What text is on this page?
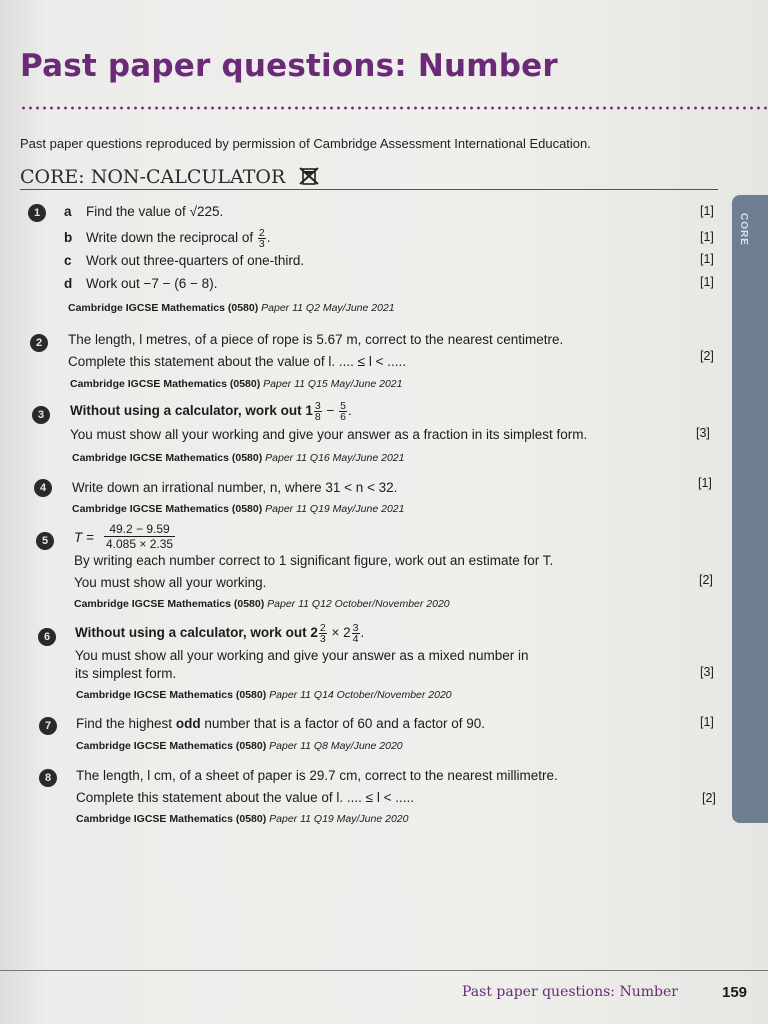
Past paper questions: Number
Past paper questions reproduced by permission of Cambridge Assessment International Education.
CORE: NON-CALCULATOR
CORE
1	a Find the value of √225.	[1]
b Write down the reciprocal of $\frac{2}{3}$ .	[1]
c Work out three-quarters of one-third.	[1]
d Work out −7 − (6 − 8).	[1]
Cambridge IGCSE Mathematics (0580) Paper 11 Q2 May/June 2021
2	The length, l metres, of a piece of rope is 5.67 m, correct to the nearest centimetre.
Complete this statement about the value of l. .... ≤ l < .....	[2]
Cambridge IGCSE Mathematics (0580) Paper 11 Q15 May/June 2021
3	Without using a calculator, work out $1 \frac{3}{8} - \frac{5}{6}$ .
You must show all your working and give your answer as a fraction in its simplest form.	[3]
Cambridge IGCSE Mathematics (0580) Paper 11 Q16 May/June 2021
4	Write down an irrational number, n, where 31 < n < 32.	[1]
Cambridge IGCSE Mathematics (0580) Paper 11 Q19 May/June 2021
5	$T = \frac{49.2 - 9.59}{4.085 \times 2.35}$
By writing each number correct to 1 significant figure, work out an estimate for T.
You must show all your working.	[2]
Cambridge IGCSE Mathematics (0580) Paper 11 Q12 October/November 2020
6	Without using a calculator, work out $2 \frac{2}{3} \times 2 \frac{3}{4}$ .
You must show all your working and give your answer as a mixed number in
its simplest form.	[3]
Cambridge IGCSE Mathematics (0580) Paper 11 Q14 October/November 2020
7	Find the highest odd number that is a factor of 60 and a factor of 90.	[1]
Cambridge IGCSE Mathematics (0580) Paper 11 Q8 May/June 2020
8	The length, l cm, of a sheet of paper is 29.7 cm, correct to the nearest millimetre.
Complete this statement about the value of l. .... ≤ l < .....	[2]
Cambridge IGCSE Mathematics (0580) Paper 11 Q19 May/June 2020
Past paper questions: Number	159
